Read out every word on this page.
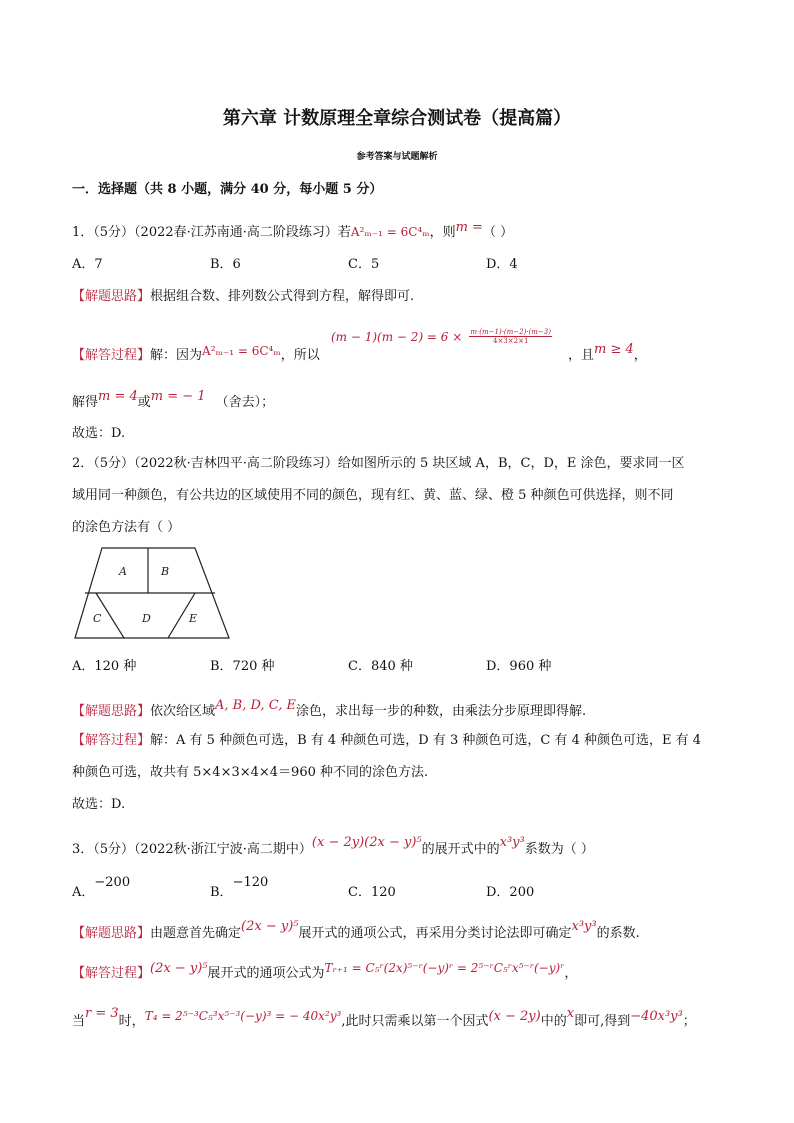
第六章 计数原理全章综合测试卷（提高篇）
参考答案与试题解析
一．选择题（共 8 小题，满分 40 分，每小题 5 分）
1．（5分）（2022春·江苏南通·高二阶段练习）若A²ₘ₋₁ = 6C⁴ₘ，则m =（ ）
A．7	B．6	C．5	D．4
【解题思路】根据组合数、排列数公式得到方程，解得即可.
【解答过程】解：因为A²ₘ₋₁ = 6C⁴ₘ，所以
$(m - 1)(m - 2) = 6 \times \frac{m\cdot(m-1)\cdot(m-2)\cdot(m-3)}{4\times 3\times 2\times 1}$
，且m ≥ 4，
解得m = 4或m = − 1 （舍去）；
故选：D.
2．（5分）（2022秋·吉林四平·高二阶段练习）给如图所示的 5 块区域 A，B，C，D，E 涂色，要求同一区
域用同一种颜色，有公共边的区域使用不同的颜色，现有红、黄、蓝、绿、橙 5 种颜色可供选择，则不同
的涂色方法有（ ）
A	B
C	D	E
A．120 种	B．720 种	C．840 种	D．960 种
【解题思路】依次给区域A, B, D, C, E涂色，求出每一步的种数，由乘法分步原理即得解.
【解答过程】解：A 有 5 种颜色可选，B 有 4 种颜色可选，D 有 3 种颜色可选，C 有 4 种颜色可选，E 有 4
种颜色可选，故共有 5×4×3×4×4＝960 种不同的涂色方法.
故选：D.
3．（5分）（2022秋·浙江宁波·高二期中）(x − 2y)(2x − y)⁵的展开式中的x³y³系数为（ ）
A．−200
B．−120
C．120	D．200
【解题思路】由题意首先确定(2x − y)⁵展开式的通项公式，再采用分类讨论法即可确定x³y³的系数.
【解答过程】(2x − y)⁵展开式的通项公式为Tᵣ₊₁ = C₅ʳ(2x)⁵⁻ʳ(−y)ʳ = 2⁵⁻ʳC₅ʳx⁵⁻ʳ(−y)ʳ，
当r = 3时，T₄ = 2⁵⁻³C₅³x⁵⁻³(−y)³ = − 40x²y³,此时只需乘以第一个因式(x − 2y)中的x即可,得到−40x³y³；
